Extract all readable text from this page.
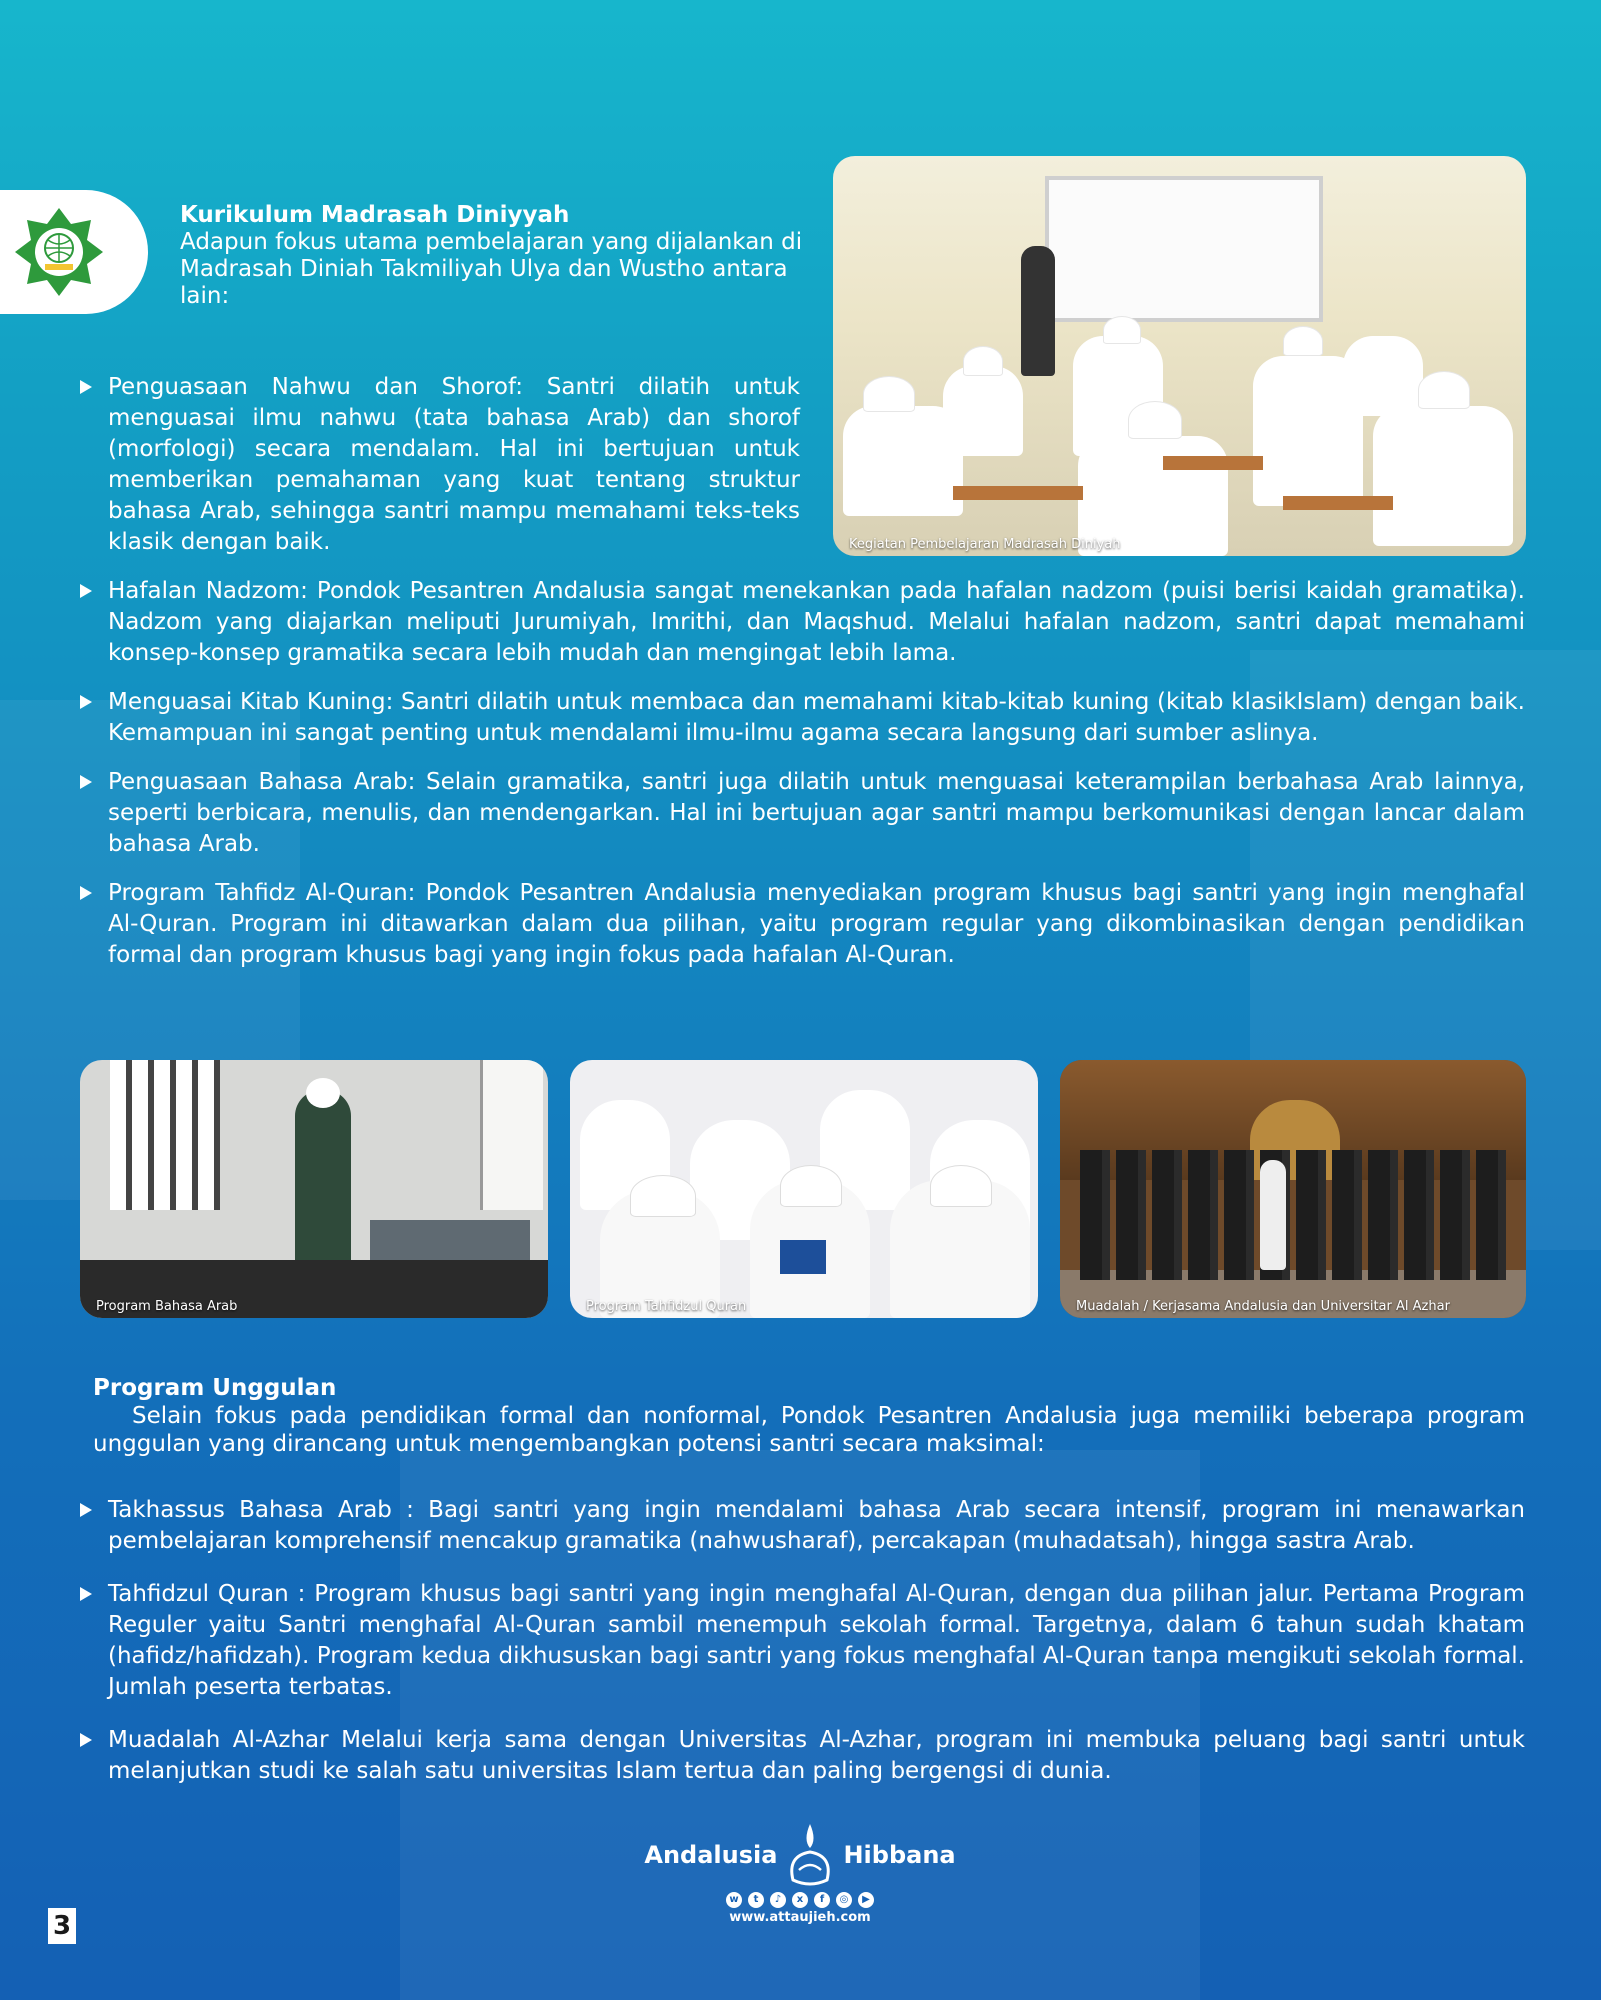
Kurikulum Madrasah Diniyyah

Adapun fokus utama pembelajaran yang dijalankan di Madrasah Diniah Takmiliyah Ulya dan Wustho antara lain:

Penguasaan Nahwu dan Shorof: Santri dilatih untuk menguasai ilmu nahwu (tata bahasa Arab) dan shorof (morfologi) secara mendalam. Hal ini bertujuan untuk memberikan pemahaman yang kuat tentang struktur bahasa Arab, sehingga santri mampu memahami teks-teks klasik dengan baik.	Kegiatan Pembelajaran Madrasah Diniyah
Hafalan Nadzom: Pondok Pesantren Andalusia sangat menekankan pada hafalan nadzom (puisi berisi kaidah gramatika). Nadzom yang diajarkan meliputi Jurumiyah, Imrithi, dan Maqshud. Melalui hafalan nadzom, santri dapat memahami konsep-konsep gramatika secara lebih mudah dan mengingat lebih lama.
Menguasai Kitab Kuning: Santri dilatih untuk membaca dan memahami kitab-kitab kuning (kitab klasikIslam) dengan baik. Kemampuan ini sangat penting untuk mendalami ilmu-ilmu agama secara langsung dari sumber aslinya.
Penguasaan Bahasa Arab: Selain gramatika, santri juga dilatih untuk menguasai keterampilan berbahasa Arab lainnya, seperti berbicara, menulis, dan mendengarkan. Hal ini bertujuan agar santri mampu berkomunikasi dengan lancar dalam bahasa Arab.
Program Tahfidz Al-Quran: Pondok Pesantren Andalusia menyediakan program khusus bagi santri yang ingin menghafal Al-Quran. Program ini ditawarkan dalam dua pilihan, yaitu program regular yang dikombinasikan dengan pendidikan formal dan program khusus bagi yang ingin fokus pada hafalan Al-Quran.
Program Bahasa Arab	Program Tahfidzul Quran	Muadalah / Kerjasama Andalusia dan Universitar Al Azhar
Program Unggulan

Selain fokus pada pendidikan formal dan nonformal, Pondok Pesantren Andalusia juga memiliki beberapa program unggulan yang dirancang untuk mengembangkan potensi santri secara maksimal:

Takhassus Bahasa Arab : Bagi santri yang ingin mendalami bahasa Arab secara intensif, program ini menawarkan pembelajaran komprehensif mencakup gramatika (nahwusharaf), percakapan (muhadatsah), hingga sastra Arab.
Tahfidzul Quran : Program khusus bagi santri yang ingin menghafal Al-Quran, dengan dua pilihan jalur. Pertama Program Reguler yaitu Santri menghafal Al-Quran sambil menempuh sekolah formal. Targetnya, dalam 6 tahun sudah khatam (hafidz/hafidzah). Program kedua dikhususkan bagi santri yang fokus menghafal Al-Quran tanpa mengikuti sekolah formal. Jumlah peserta terbatas.
Muadalah Al-Azhar Melalui kerja sama dengan Universitas Al-Azhar, program ini membuka peluang bagi santri untuk melanjutkan studi ke salah satu universitas Islam tertua dan paling bergengsi di dunia.
Andalusia	Hibbana
w	t	♪	x	f	◎	▶
www.attaujieh.com
3
